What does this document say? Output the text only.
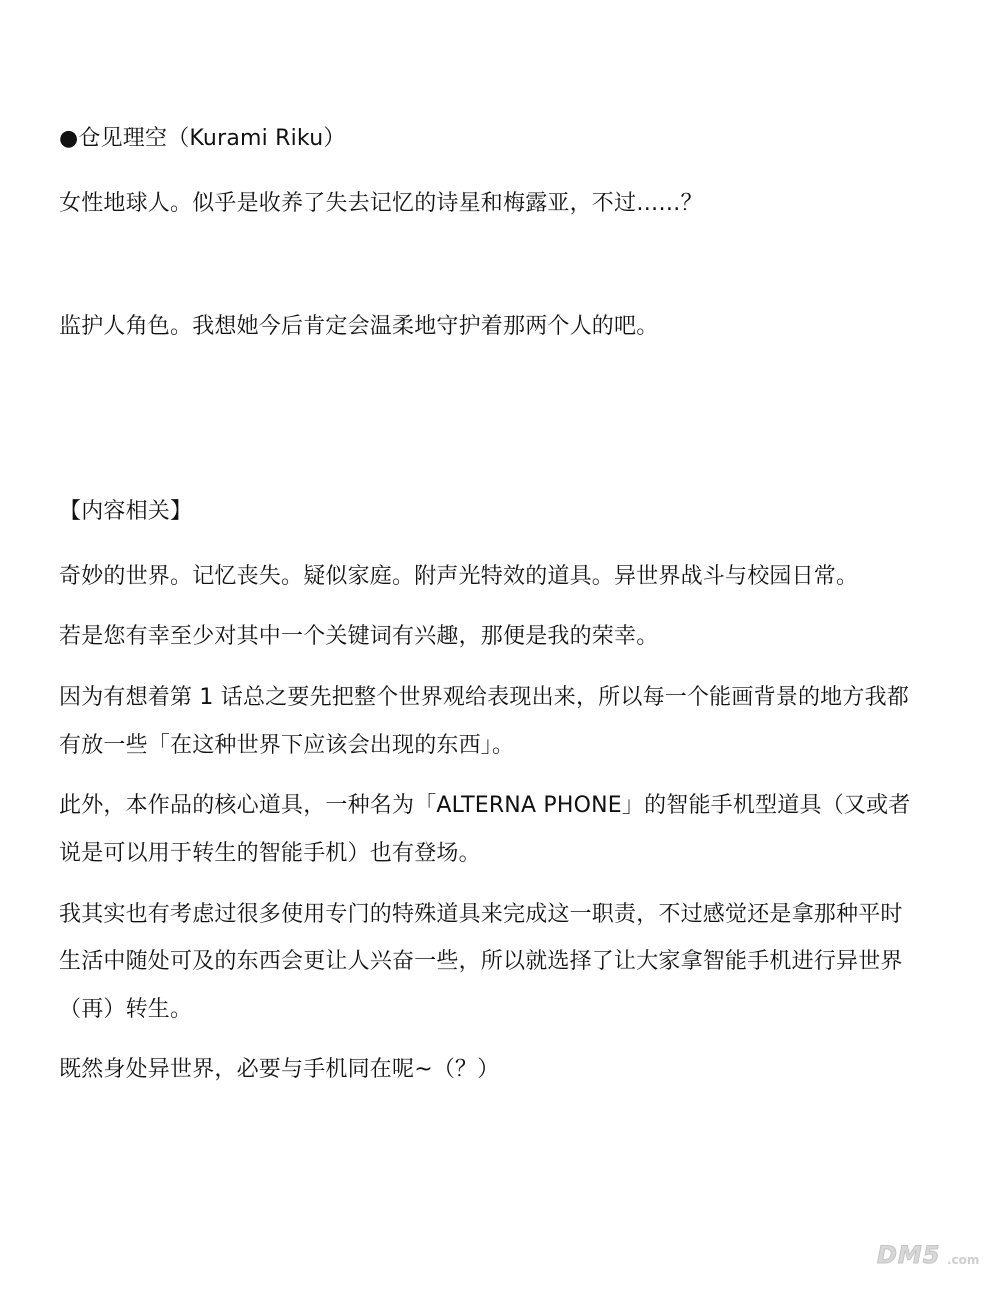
●仓见理空（Kurami Riku）
女性地球人。似乎是收养了失去记忆的诗星和梅露亚，不过……？
监护人角色。我想她今后肯定会温柔地守护着那两个人的吧。
【内容相关】
奇妙的世界。记忆丧失。疑似家庭。附声光特效的道具。异世界战斗与校园日常。
若是您有幸至少对其中一个关键词有兴趣，那便是我的荣幸。
因为有想着第 1 话总之要先把整个世界观给表现出来，所以每一个能画背景的地方我都
有放一些「在这种世界下应该会出现的东西」。
此外，本作品的核心道具，一种名为「ALTERNA PHONE」的智能手机型道具（又或者
说是可以用于转生的智能手机）也有登场。
我其实也有考虑过很多使用专门的特殊道具来完成这一职责，不过感觉还是拿那种平时
生活中随处可及的东西会更让人兴奋一些，所以就选择了让大家拿智能手机进行异世界
（再）转生。
既然身处异世界，必要与手机同在呢~（？）
DM5 .com
